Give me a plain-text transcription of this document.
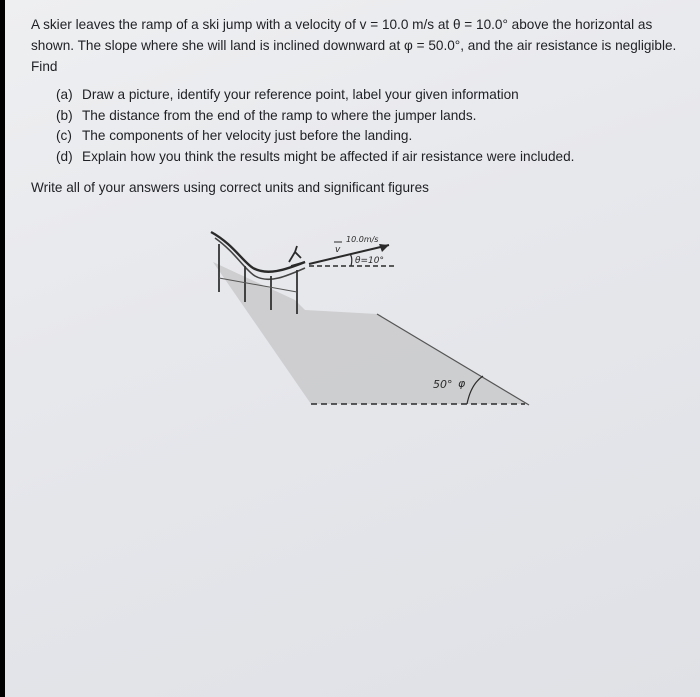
A skier leaves the ramp of a ski jump with a velocity of v = 10.0 m/s at θ = 10.0° above the horizontal as shown. The slope where she will land is inclined downward at φ = 50.0°, and the air resistance is negligible. Find

(a) Draw a picture, identify your reference point, label your given information
(b) The distance from the end of the ramp to where the jumper lands.
(c) The components of her velocity just before the landing.
(d) Explain how you think the results might be affected if air resistance were included.

Write all of your answers using correct units and significant figures

v
10.0m/s
θ=10°
50° φ
